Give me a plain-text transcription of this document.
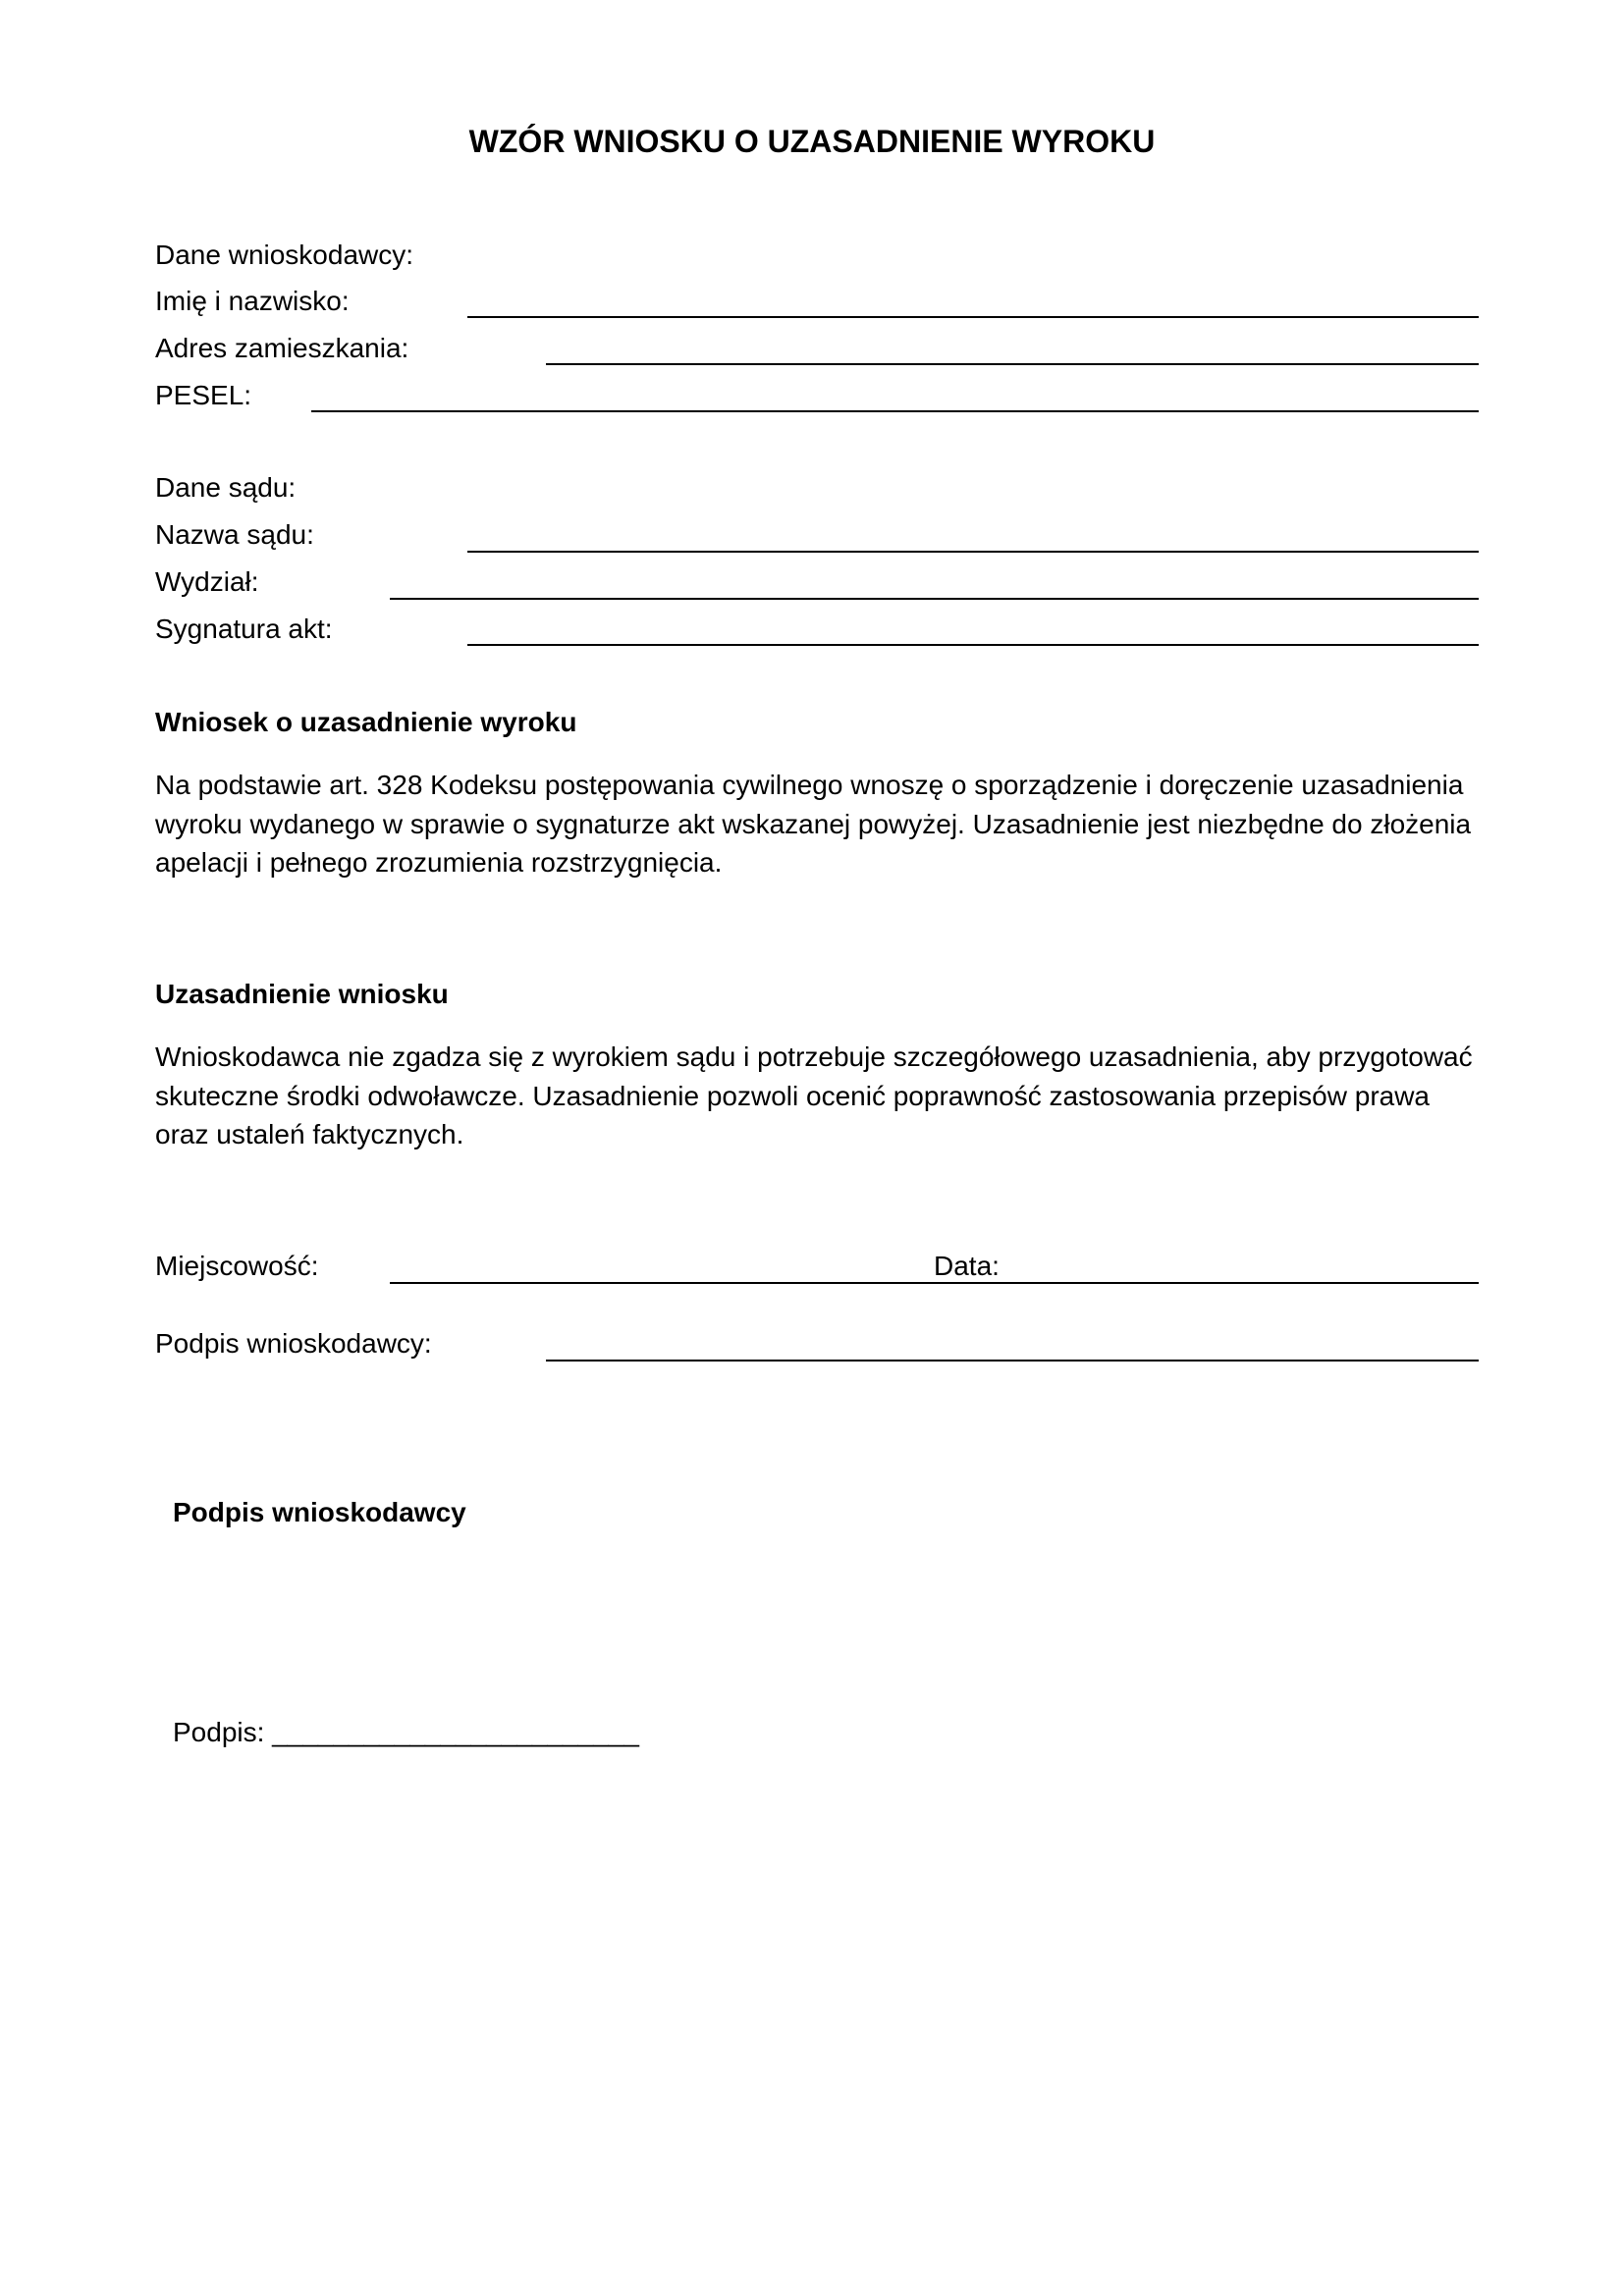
WZÓR WNIOSKU O UZASADNIENIE WYROKU
Dane wnioskodawcy:
Imię i nazwisko:
Adres zamieszkania:
PESEL:
Dane sądu:
Nazwa sądu:
Wydział:
Sygnatura akt:
Wniosek o uzasadnienie wyroku
Na podstawie art. 328 Kodeksu postępowania cywilnego wnoszę o sporządzenie i doręczenie uzasadnienia
wyroku wydanego w sprawie o sygnaturze akt wskazanej powyżej. Uzasadnienie jest niezbędne do złożenia
apelacji i pełnego zrozumienia rozstrzygnięcia.
Uzasadnienie wniosku
Wnioskodawca nie zgadza się z wyrokiem sądu i potrzebuje szczegółowego uzasadnienia, aby przygotować
skuteczne środki odwoławcze. Uzasadnienie pozwoli ocenić poprawność zastosowania przepisów prawa
oraz ustaleń faktycznych.
Miejscowość:	Data:
Podpis wnioskodawcy:
Podpis wnioskodawcy
Podpis: ________________________
